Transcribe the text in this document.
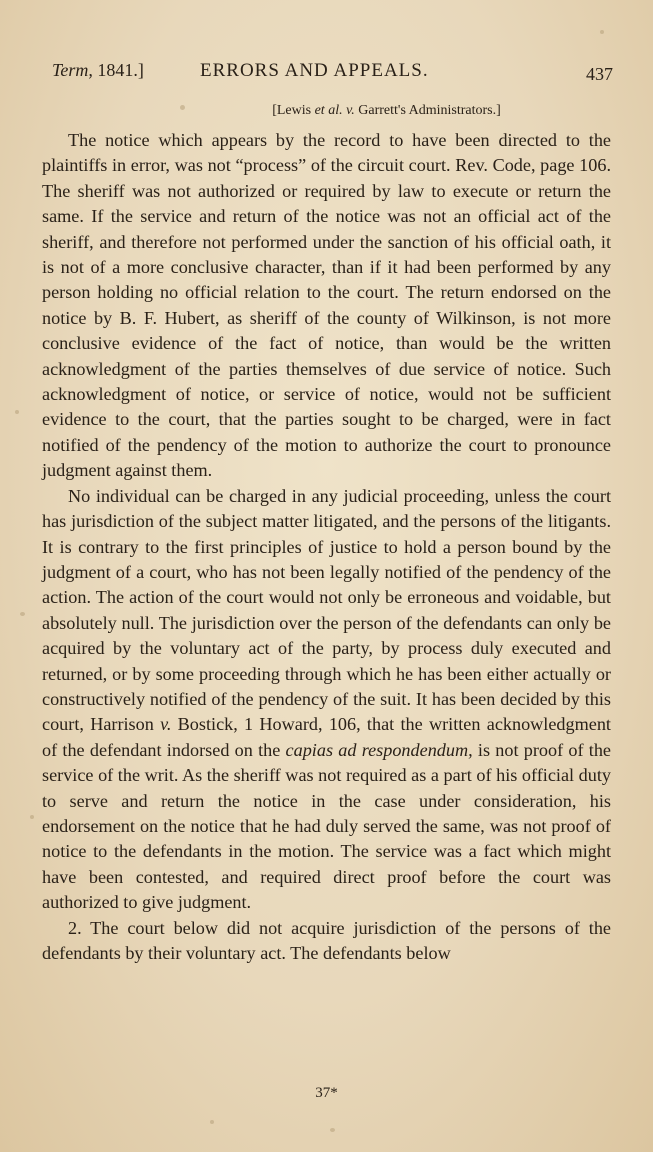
Term, 1841.]	ERRORS AND APPEALS.	437
[Lewis et al. v. Garrett's Administrators.]

The notice which appears by the record to have been directed to the plaintiffs in error, was not “process” of the circuit court. Rev. Code, page 106. The sheriff was not authorized or required by law to execute or return the same. If the service and return of the notice was not an official act of the sheriff, and therefore not performed under the sanction of his official oath, it is not of a more conclusive character, than if it had been performed by any person holding no official relation to the court. The return endorsed on the notice by B. F. Hubert, as sheriff of the county of Wilkinson, is not more conclusive evidence of the fact of notice, than would be the written acknowledgment of the parties themselves of due service of notice. Such acknowledgment of notice, or service of notice, would not be sufficient evidence to the court, that the parties sought to be charged, were in fact notified of the pendency of the motion to authorize the court to pronounce judgment against them.

No individual can be charged in any judicial proceeding, unless the court has jurisdiction of the subject matter litigated, and the persons of the litigants. It is contrary to the first principles of justice to hold a person bound by the judgment of a court, who has not been legally notified of the pendency of the action. The action of the court would not only be erroneous and voidable, but absolutely null. The jurisdiction over the person of the defendants can only be acquired by the voluntary act of the party, by process duly executed and returned, or by some proceeding through which he has been either actually or constructively notified of the pendency of the suit. It has been decided by this court, Harrison v. Bostick, 1 Howard, 106, that the written acknowledgment of the defendant indorsed on the capias ad respondendum, is not proof of the service of the writ. As the sheriff was not required as a part of his official duty to serve and return the notice in the case under consideration, his endorsement on the notice that he had duly served the same, was not proof of notice to the defendants in the motion. The service was a fact which might have been contested, and required direct proof before the court was authorized to give judgment.

2. The court below did not acquire jurisdiction of the persons of the defendants by their voluntary act. The defendants below

37*
